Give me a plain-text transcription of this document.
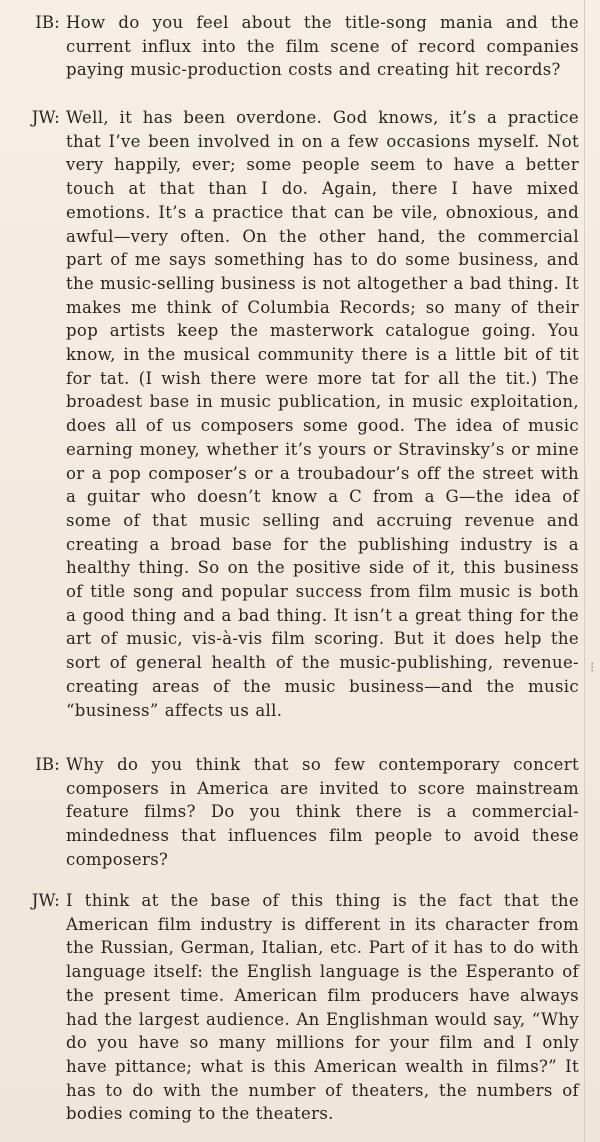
⁝
IB: How do you feel about the title-song mania and the current influx into the film scene of record companies paying music-production costs and creating hit records?
JW: Well, it has been overdone. God knows, it’s a practice that I’ve been involved in on a few occasions myself. Not very happily, ever; some people seem to have a better touch at that than I do. Again, there I have mixed emotions. It’s a practice that can be vile, obnoxious, and awful—very often. On the other hand, the commercial part of me says something has to do some business, and the music-selling business is not altogether a bad thing. It makes me think of Columbia Records; so many of their pop artists keep the masterwork catalogue going. You know, in the musical community there is a little bit of tit for tat. (I wish there were more tat for all the tit.) The broadest base in music publication, in music exploitation, does all of us composers some good. The idea of music earning money, whether it’s yours or Stravinsky’s or mine or a pop composer’s or a troubadour’s off the street with a guitar who doesn’t know a C from a G—the idea of some of that music selling and accruing revenue and creating a broad base for the publishing industry is a healthy thing. So on the positive side of it, this business of title song and popular success from film music is both a good thing and a bad thing. It isn’t a great thing for the art of music, vis-à-vis film scoring. But it does help the sort of general health of the music-publishing, revenue-creating areas of the music business—and the music “business” affects us all.
IB: Why do you think that so few contemporary concert composers in America are invited to score mainstream feature films? Do you think there is a commercial-mindedness that influences film people to avoid these composers?
JW: I think at the base of this thing is the fact that the American film industry is different in its character from the Russian, German, Italian, etc. Part of it has to do with language itself: the English language is the Esperanto of the present time. American film producers have always had the largest audience. An Englishman would say, “Why do you have so many millions for your film and I only have pittance; what is this American wealth in films?” It has to do with the number of theaters, the numbers of bodies coming to the theaters.
